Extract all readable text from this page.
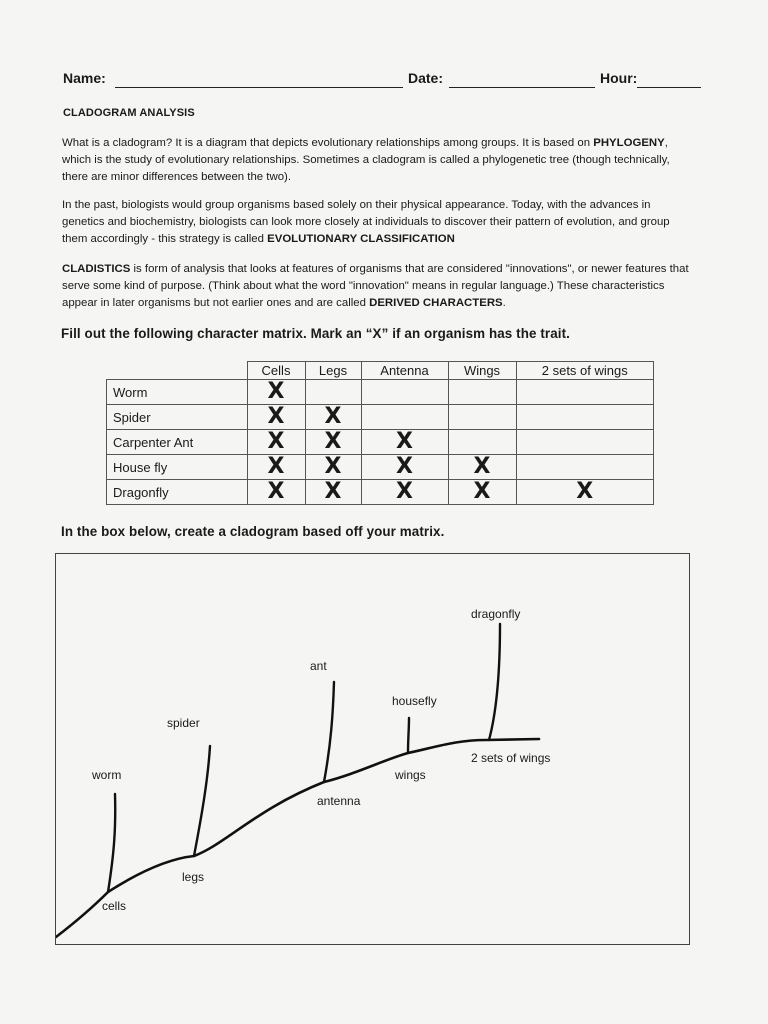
Name:	Date:	Hour:
CLADOGRAM ANALYSIS
What is a cladogram? It is a diagram that depicts evolutionary relationships among groups. It is based on PHYLOGENY, which is the study of evolutionary relationships. Sometimes a cladogram is called a phylogenetic tree (though technically, there are minor differences between the two).
In the past, biologists would group organisms based solely on their physical appearance. Today, with the advances in genetics and biochemistry, biologists can look more closely at individuals to discover their pattern of evolution, and group them accordingly - this strategy is called EVOLUTIONARY CLASSIFICATION
CLADISTICS is form of analysis that looks at features of organisms that are considered "innovations", or newer features that serve some kind of purpose. (Think about what the word "innovation" means in regular language.) These characteristics appear in later organisms but not earlier ones and are called DERIVED CHARACTERS.
Fill out the following character matrix. Mark an “X” if an organism has the trait.
	Cells	Legs	Antenna	Wings	2 sets of wings
Worm	X				
Spider	X	X			
Carpenter Ant	X	X	X		
House fly	X	X	X	X	
Dragonfly	X	X	X	X	X
In the box below, create a cladogram based off your matrix.
worm
spider
ant
housefly
dragonfly
cells
legs
antenna
wings
2 sets of wings
